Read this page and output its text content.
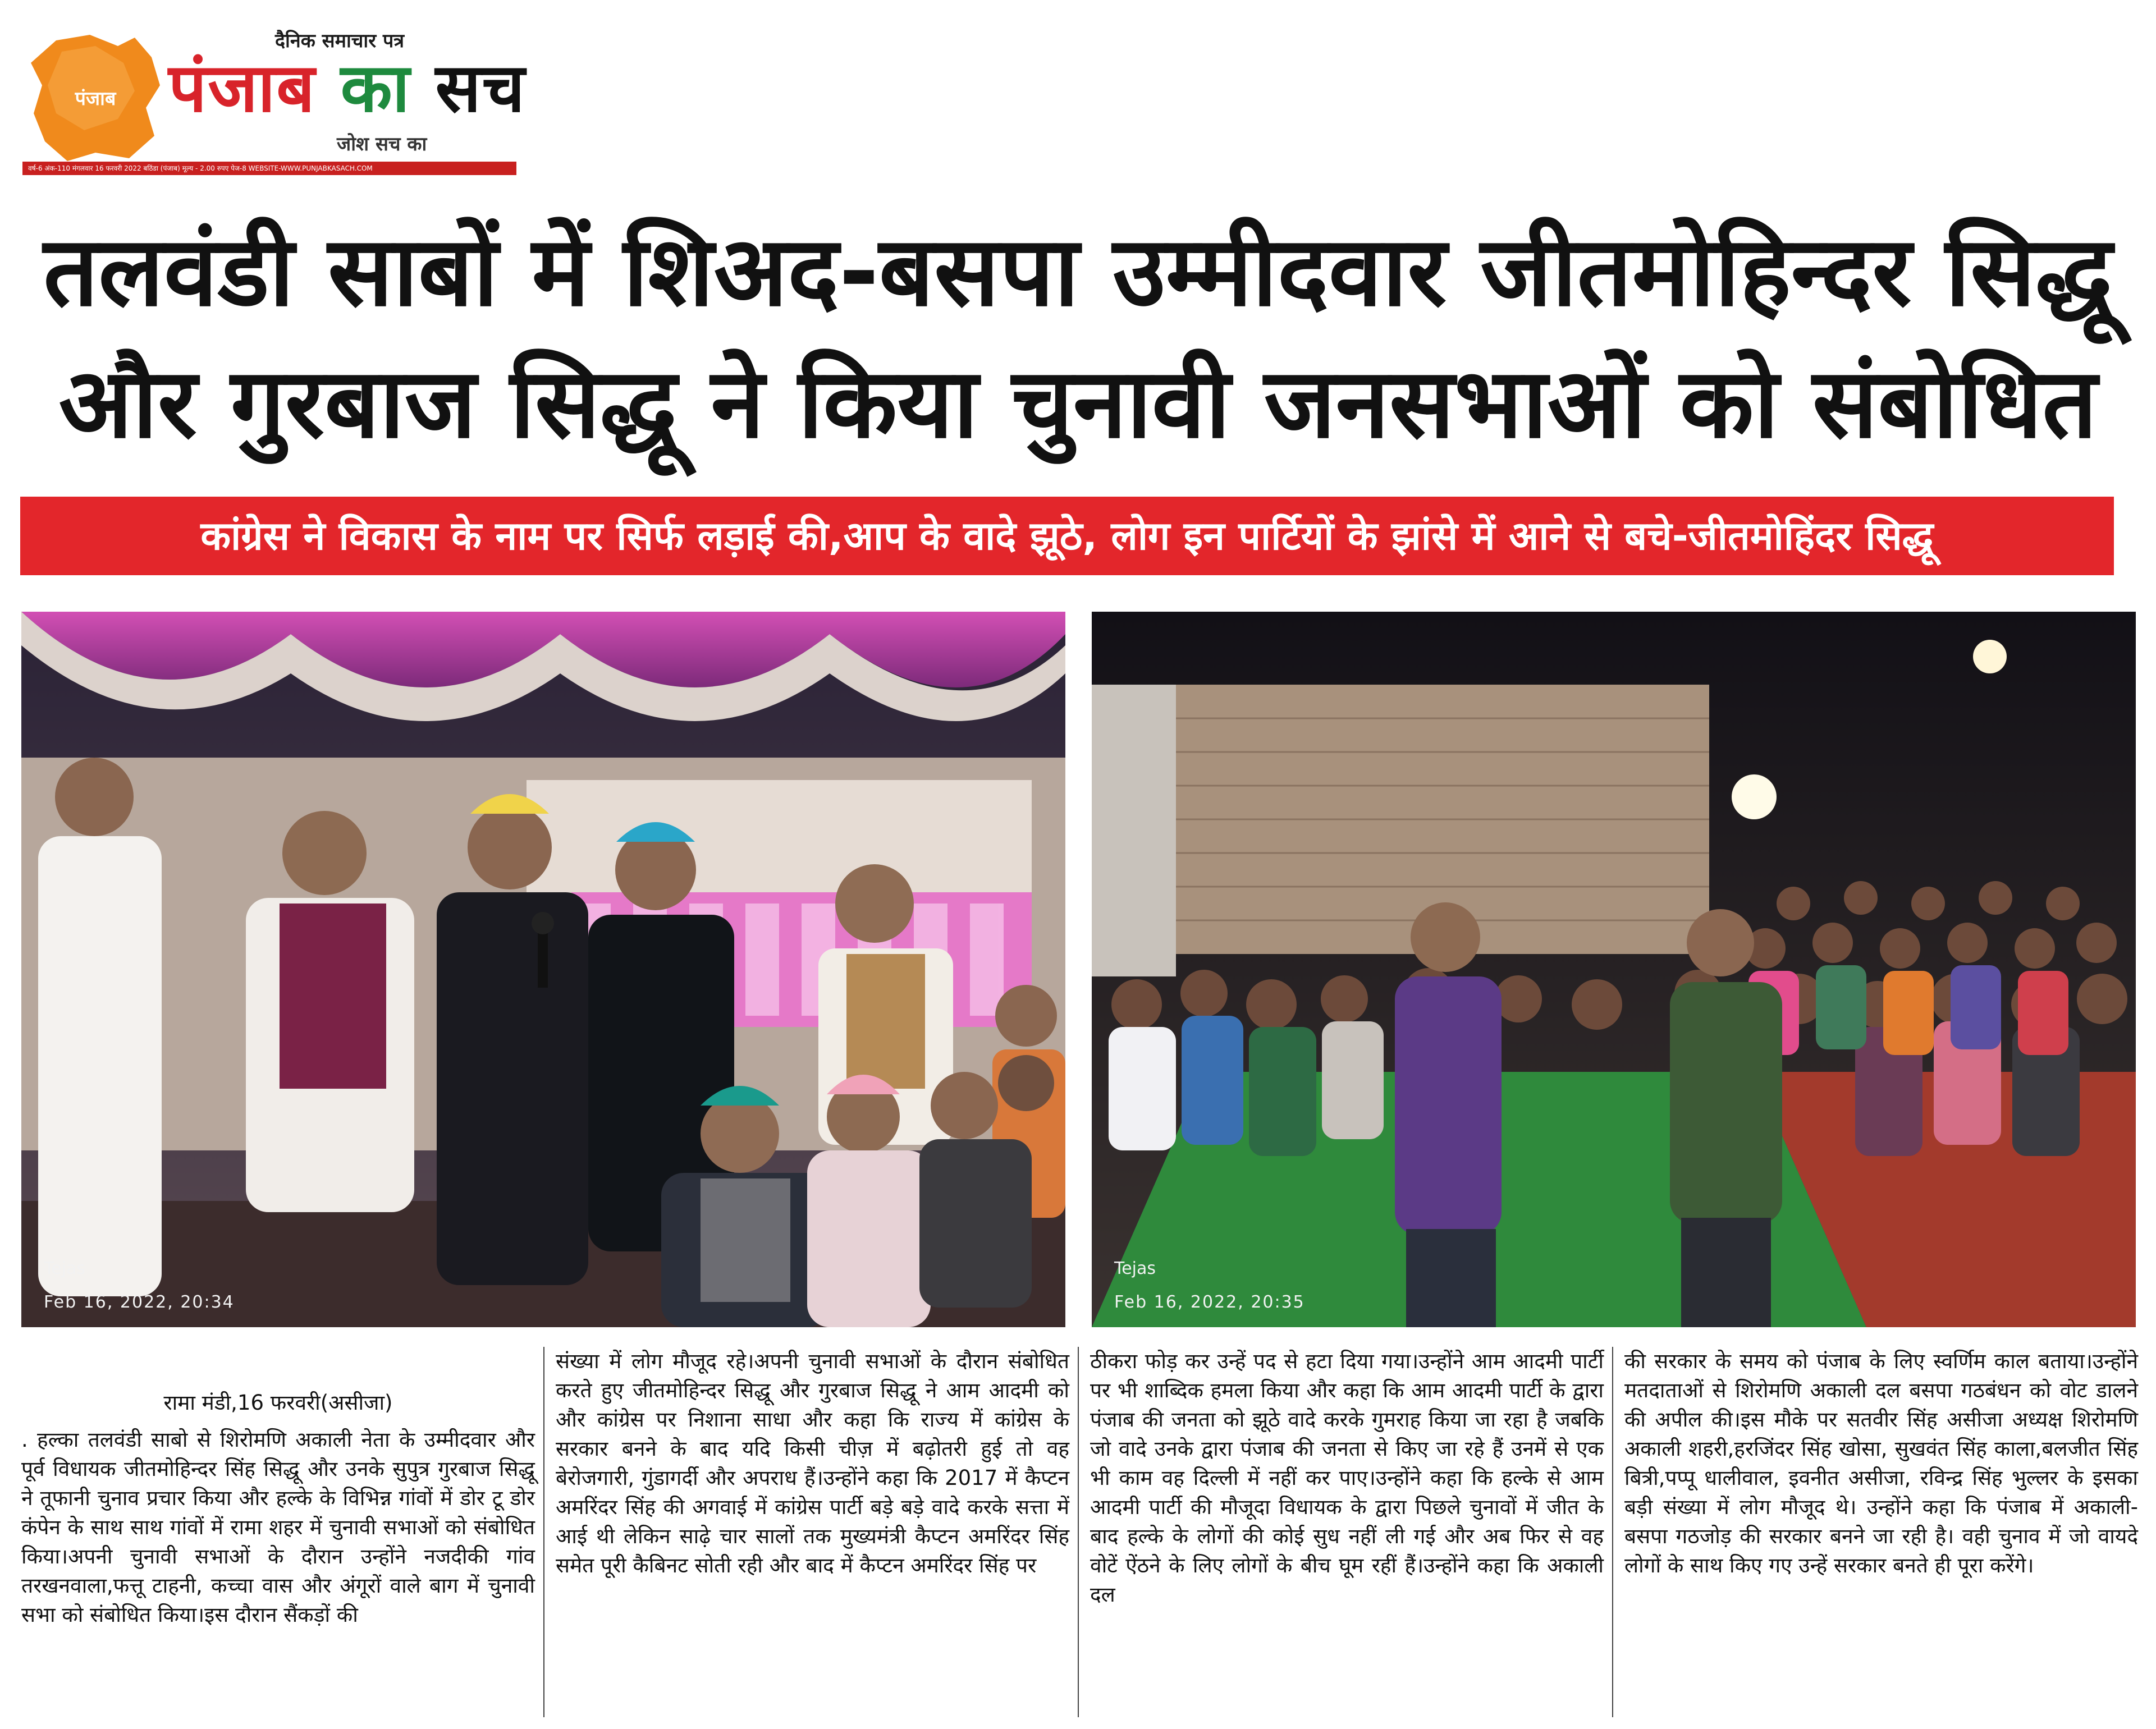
पंजाब
दैनिक समाचार पत्र
पंजाब का सच
जोश सच का
वर्ष-6 अंक-110 मंगलवार 16 फरवरी 2022 बठिंडा (पंजाब) मूल्य - 2.00 रुपए पेज-8 WEBSITE-WWW.PUNJABKASACH.COM
तलवंडी साबों में शिअद-बसपा उम्मीदवार जीतमोहिन्दर सिद्धू
और गुरबाज सिद्धू ने किया चुनावी जनसभाओं को संबोधित
कांग्रेस ने विकास के नाम पर सिर्फ लड़ाई की,आप के वादे झूठे, लोग इन पार्टियों के झांसे में आने से बचे-जीतमोहिंदर सिद्धू
Tejas
Feb 16, 2022, 20:34
Tejas
Feb 16, 2022, 20:35
रामा मंडी,16 फरवरी(असीजा)
. हल्का तलवंडी साबो से शिरोमणि अकाली नेता के उम्मीदवार और पूर्व विधायक जीतमोहिन्दर सिंह सिद्धू और उनके सुपुत्र गुरबाज सिद्धू ने तूफानी चुनाव प्रचार किया और हल्के के विभिन्न गांवों में डोर टू डोर कंपेन के साथ साथ गांवों में रामा शहर में चुनावी सभाओं को संबोधित किया।अपनी चुनावी सभाओं के दौरान उन्होंने नजदीकी गांव तरखनवाला,फत्तू टाहनी, कच्चा वास और अंगूरों वाले बाग में चुनावी सभा को संबोधित किया।इस दौरान सैंकड़ों की
संख्या में लोग मौजूद रहे।अपनी चुनावी सभाओं के दौरान संबोधित करते हुए जीतमोहिन्दर सिद्धू और गुरबाज सिद्धू ने आम आदमी को और कांग्रेस पर निशाना साधा और कहा कि राज्य में कांग्रेस के सरकार बनने के बाद यदि किसी चीज़ में बढ़ोतरी हुई तो वह बेरोजगारी, गुंडागर्दी और अपराध हैं।उन्होंने कहा कि 2017 में कैप्टन अमरिंदर सिंह की अगवाई में कांग्रेस पार्टी बड़े बड़े वादे करके सत्ता में आई थी लेकिन साढ़े चार सालों तक मुख्यमंत्री कैप्टन अमरिंदर सिंह समेत पूरी कैबिनट सोती रही और बाद में कैप्टन अमरिंदर सिंह पर
ठीकरा फोड़ कर उन्हें पद से हटा दिया गया।उन्होंने आम आदमी पार्टी पर भी शाब्दिक हमला किया और कहा कि आम आदमी पार्टी के द्वारा पंजाब की जनता को झूठे वादे करके गुमराह किया जा रहा है जबकि जो वादे उनके द्वारा पंजाब की जनता से किए जा रहे हैं उनमें से एक भी काम वह दिल्ली में नहीं कर पाए।उन्होंने कहा कि हल्के से आम आदमी पार्टी की मौजूदा विधायक के द्वारा पिछले चुनावों में जीत के बाद हल्के के लोगों की कोई सुध नहीं ली गई और अब फिर से वह वोटें ऐंठने के लिए लोगों के बीच घूम रहीं हैं।उन्होंने कहा कि अकाली दल
की सरकार के समय को पंजाब के लिए स्वर्णिम काल बताया।उन्होंने मतदाताओं से शिरोमणि अकाली दल बसपा गठबंधन को वोट डालने की अपील की।इस मौके पर सतवीर सिंह असीजा अध्यक्ष शिरोमणि अकाली शहरी,हरजिंदर सिंह खोसा, सुखवंत सिंह काला,बलजीत सिंह बित्री,पप्पू धालीवाल, इवनीत असीजा, रविन्द्र सिंह भुल्लर के इसका बड़ी संख्या में लोग मौजूद थे। उन्होंने कहा कि पंजाब में अकाली-बसपा गठजोड़ की सरकार बनने जा रही है। वही चुनाव में जो वायदे लोगों के साथ किए गए उन्हें सरकार बनते ही पूरा करेंगे।
